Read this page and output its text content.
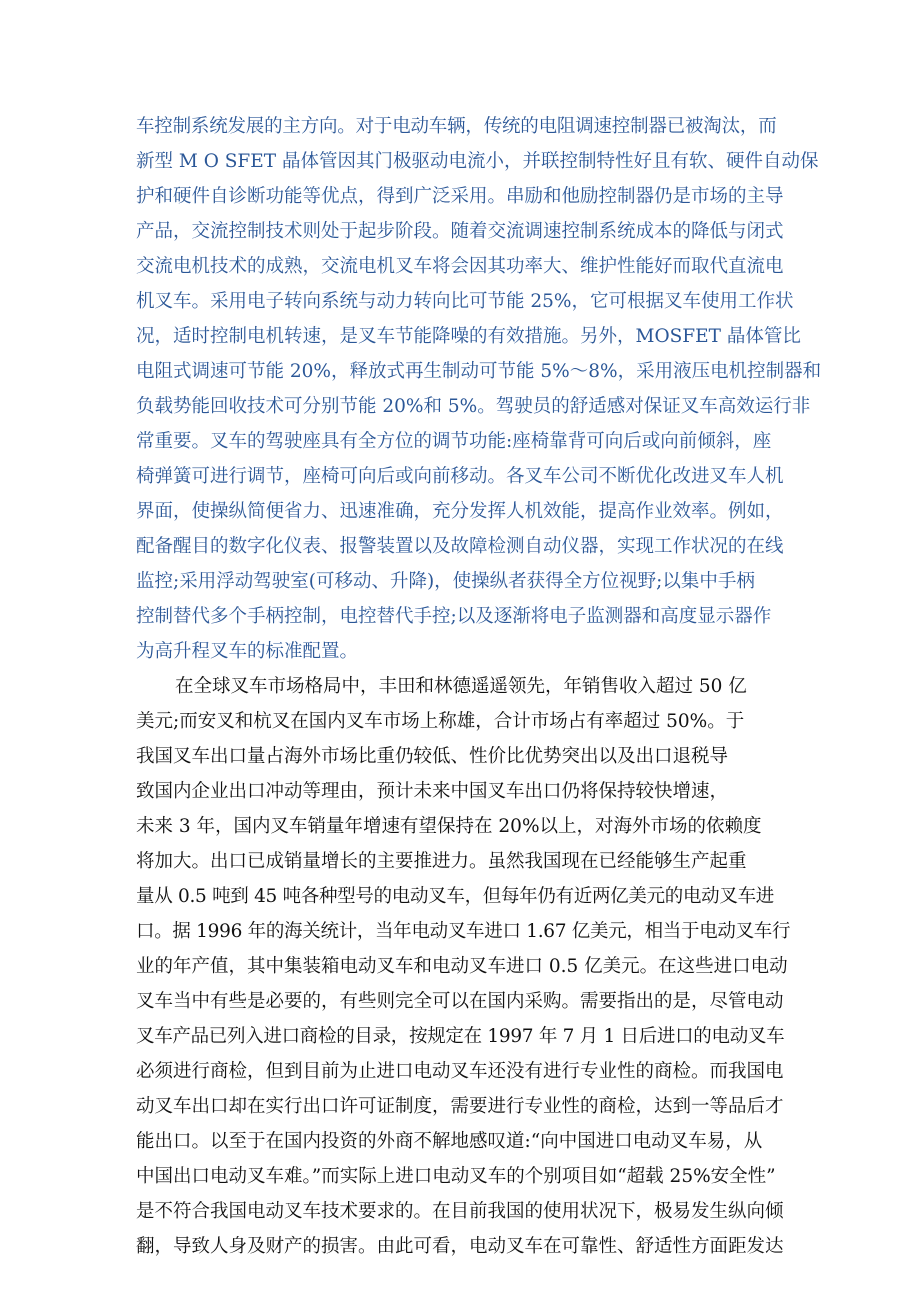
车控制系统发展的主方向。对于电动车辆，传统的电阻调速控制器已被淘汰，而
新型 M O SFET 晶体管因其门极驱动电流小，并联控制特性好且有软、硬件自动保
护和硬件自诊断功能等优点，得到广泛采用。串励和他励控制器仍是市场的主导
产品，交流控制技术则处于起步阶段。随着交流调速控制系统成本的降低与闭式
交流电机技术的成熟，交流电机叉车将会因其功率大、维护性能好而取代直流电
机叉车。采用电子转向系统与动力转向比可节能 25%，它可根据叉车使用工作状
况，适时控制电机转速，是叉车节能降噪的有效措施。另外，MOSFET 晶体管比
电阻式调速可节能 20%，释放式再生制动可节能 5%～8%，采用液压电机控制器和
负载势能回收技术可分别节能 20%和 5%。驾驶员的舒适感对保证叉车高效运行非
常重要。叉车的驾驶座具有全方位的调节功能:座椅靠背可向后或向前倾斜，座
椅弹簧可进行调节，座椅可向后或向前移动。各叉车公司不断优化改进叉车人机
界面，使操纵简便省力、迅速准确，充分发挥人机效能，提高作业效率。例如，
配备醒目的数字化仪表、报警装置以及故障检测自动仪器，实现工作状况的在线
监控;采用浮动驾驶室(可移动、升降)，使操纵者获得全方位视野;以集中手柄
控制替代多个手柄控制，电控替代手控;以及逐渐将电子监测器和高度显示器作
为高升程叉车的标准配置。
在全球叉车市场格局中，丰田和林德遥遥领先，年销售收入超过 50 亿
美元;而安叉和杭叉在国内叉车市场上称雄，合计市场占有率超过 50%。于
我国叉车出口量占海外市场比重仍较低、性价比优势突出以及出口退税导
致国内企业出口冲动等理由，预计未来中国叉车出口仍将保持较快增速，
未来 3 年，国内叉车销量年增速有望保持在 20%以上，对海外市场的依赖度
将加大。出口已成销量增长的主要推进力。虽然我国现在已经能够生产起重
量从 0.5 吨到 45 吨各种型号的电动叉车，但每年仍有近两亿美元的电动叉车进
口。据 1996 年的海关统计，当年电动叉车进口 1.67 亿美元，相当于电动叉车行
业的年产值，其中集装箱电动叉车和电动叉车进口 0.5 亿美元。在这些进口电动
叉车当中有些是必要的，有些则完全可以在国内采购。需要指出的是，尽管电动
叉车产品已列入进口商检的目录，按规定在 1997 年 7 月 1 日后进口的电动叉车
必须进行商检，但到目前为止进口电动叉车还没有进行专业性的商检。而我国电
动叉车出口却在实行出口许可证制度，需要进行专业性的商检，达到一等品后才
能出口。以至于在国内投资的外商不解地感叹道:“向中国进口电动叉车易，从
中国出口电动叉车难。”而实际上进口电动叉车的个别项目如“超载 25%安全性”
是不符合我国电动叉车技术要求的。在目前我国的使用状况下，极易发生纵向倾
翻，导致人身及财产的损害。由此可看，电动叉车在可靠性、舒适性方面距发达
